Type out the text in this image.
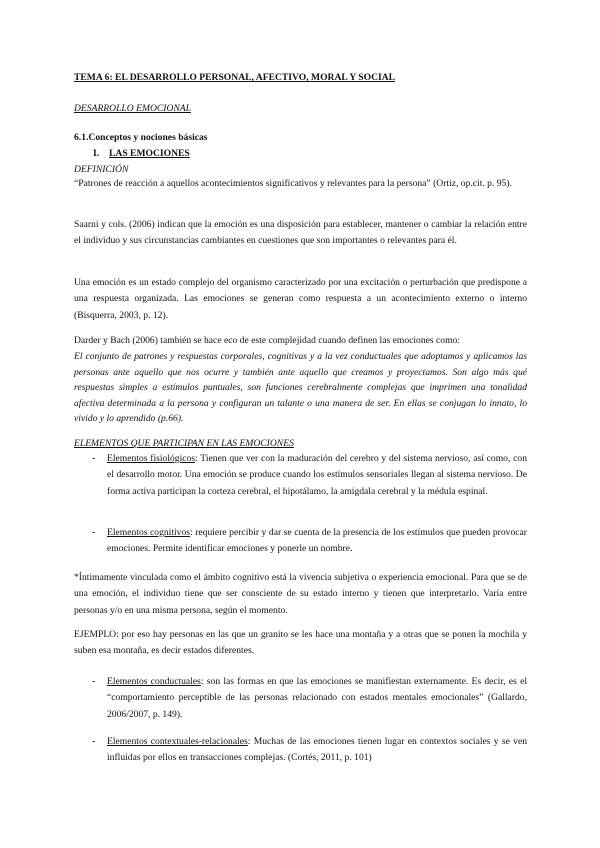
TEMA 6: EL DESARROLLO PERSONAL, AFECTIVO, MORAL Y SOCIAL

DESARROLLO EMOCIONAL

6.1.Conceptos y nociones básicas

I. LAS EMOCIONES

DEFINICIÓN

“Patrones de reacción a aquellos acontecimientos significativos y relevantes para la persona” (Ortiz, op.cit. p. 95).

Saarni y cols. (2006) indican que la emoción es una disposición para establecer, mantener o cambiar la relación entre el individuo y sus circunstancias cambiantes en cuestiones que son importantes o relevantes para él.

Una emoción es un estado complejo del organismo caracterizado por una excitación o perturbación que predispone a una respuesta organizada. Las emociones se generan como respuesta a un acontecimiento externo o interno (Bisquerra, 2003, p. 12).

Darder y Bach (2006) también se hace eco de este complejidad cuando definen las emociones como:

El conjunto de patrones y respuestas corporales, cognitivas y a la vez conductuales que adoptamos y aplicamos las personas ante aquello que nos ocurre y también ante aquello que creamos y proyectamos. Son algo más qué respuestas simples a estímulos puntuales, son funciones cerebralmente complejas que imprimen una tonalidad afectiva determinada a la persona y configuran un talante o una manera de ser. En ellas se conjugan lo innato, lo vivido y lo aprendido (p.66).

ELEMENTOS QUE PARTICIPAN EN LAS EMOCIONES

- Elementos fisiológicos: Tienen que ver con la maduración del cerebro y del sistema nervioso, así como, con el desarrollo motor. Una emoción se produce cuando los estímulos sensoriales llegan al sistema nervioso. De forma activa participan la corteza cerebral, el hipotálamo, la amígdala cerebral y la médula espinal.

- Elementos cognitivos: requiere percibir y dar se cuenta de la presencia de los estímulos que pueden provocar emociones. Permite identificar emociones y ponerle un nombre.

*Íntimamente vinculada como el ámbito cognitivo está la vivencia subjetiva o experiencia emocional. Para que se de una emoción, el individuo tiene que ser consciente de su estado interno y tienen que interpretarlo. Varía entre personas y/o en una misma persona, según el momento.

EJEMPLO: por eso hay personas en las que un granito se les hace una montaña y a otras que se ponen la mochila y suben esa montaña, es decir estados diferentes.

- Elementos conductuales: son las formas en que las emociones se manifiestan externamente. Es decir, es el “comportamiento perceptible de las personas relacionado con estados mentales emocionales” (Gallardo, 2006/2007, p. 149).

- Elementos contextuales-relacionales: Muchas de las emociones tienen lugar en contextos sociales y se ven influidas por ellos en transacciones complejas. (Cortés, 2011, p. 101)
